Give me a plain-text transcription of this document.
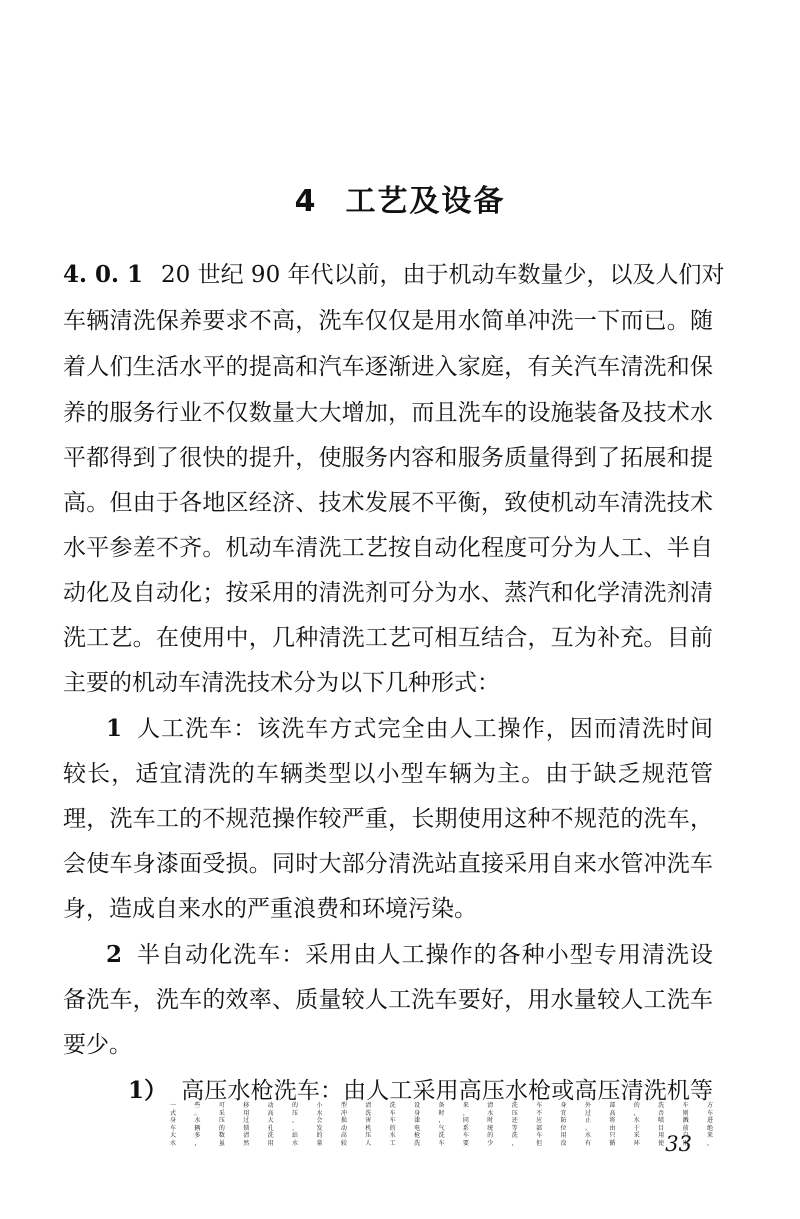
4 工艺及设备
4. 0. 1 20 世纪 90 年代以前，由于机动车数量少，以及人们对
车辆清洗保养要求不高，洗车仅仅是用水简单冲洗一下而已。随
着人们生活水平的提高和汽车逐渐进入家庭，有关汽车清洗和保
养的服务行业不仅数量大大增加，而且洗车的设施装备及技术水
平都得到了很快的提升，使服务内容和服务质量得到了拓展和提
高。但由于各地区经济、技术发展不平衡，致使机动车清洗技术
水平参差不齐。机动车清洗工艺按自动化程度可分为人工、半自
动化及自动化；按采用的清洗剂可分为水、蒸汽和化学清洗剂清
洗工艺。在使用中，几种清洗工艺可相互结合，互为补充。目前
主要的机动车清洗技术分为以下几种形式：
1 人工洗车：该洗车方式完全由人工操作，因而清洗时间
较长，适宜清洗的车辆类型以小型车辆为主。由于缺乏规范管
理，洗车工的不规范操作较严重，长期使用这种不规范的洗车，
会使车身漆面受损。同时大部分清洗站直接采用自来水管冲洗车
身，造成自来水的严重浪费和环境污染。
2 半自动化洗车：采用由人工操作的各种小型专用清洗设
备洗车，洗车的效率、质量较人工洗车要好，用水量较人工洗车
要少。
1） 高压水枪洗车：由人工采用高压水枪或高压清洗机等
33
一些可移动的小型清洗设备来清洗车身外部的洗车方
式。采用高压水冲洗车身时，水压不宜过高，否则车
身水压过大，会损害车漆，同时还应防止将水喷溅进
车辆的锁孔、发动机的电气系统等部位。由于目前绝
大多数清洗站的高压水枪洗车的洗车用水只采用自来
水，虽然用水量较人工洗车要少，但没有循环使用，
